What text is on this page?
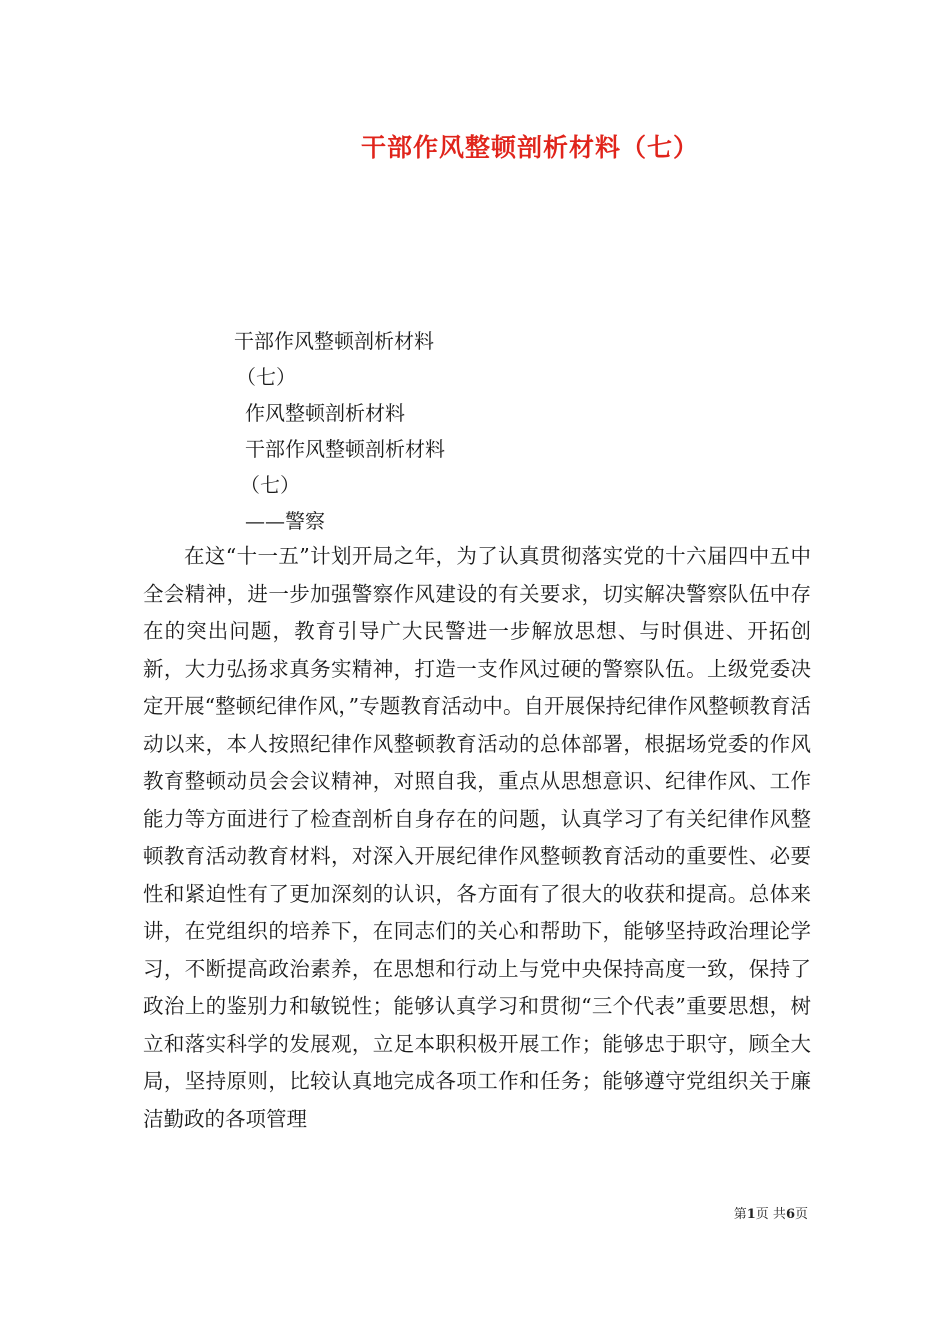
干部作风整顿剖析材料（七）
干部作风整顿剖析材料
（七）
作风整顿剖析材料
干部作风整顿剖析材料
（七）
——警察

在这“十一五”计划开局之年，为了认真贯彻落实党的十六届四中五中全会精神，进一步加强警察作风建设的有关要求，切实解决警察队伍中存在的突出问题，教育引导广大民警进一步解放思想、与时俱进、开拓创新，大力弘扬求真务实精神，打造一支作风过硬的警察队伍。上级党委决定开展“整顿纪律作风，”专题教育活动中。自开展保持纪律作风整顿教育活动以来，本人按照纪律作风整顿教育活动的总体部署，根据场党委的作风教育整顿动员会会议精神，对照自我，重点从思想意识、纪律作风、工作能力等方面进行了检查剖析自身存在的问题，认真学习了有关纪律作风整顿教育活动教育材料，对深入开展纪律作风整顿教育活动的重要性、必要性和紧迫性有了更加深刻的认识，各方面有了很大的收获和提高。总体来讲，在党组织的培养下，在同志们的关心和帮助下，能够坚持政治理论学习，不断提高政治素养，在思想和行动上与党中央保持高度一致，保持了政治上的鉴别力和敏锐性；能够认真学习和贯彻“三个代表”重要思想，树立和落实科学的发展观，立足本职积极开展工作；能够忠于职守，顾全大局，坚持原则，比较认真地完成各项工作和任务；能够遵守党组织关于廉洁勤政的各项管理

第1页 共6页
